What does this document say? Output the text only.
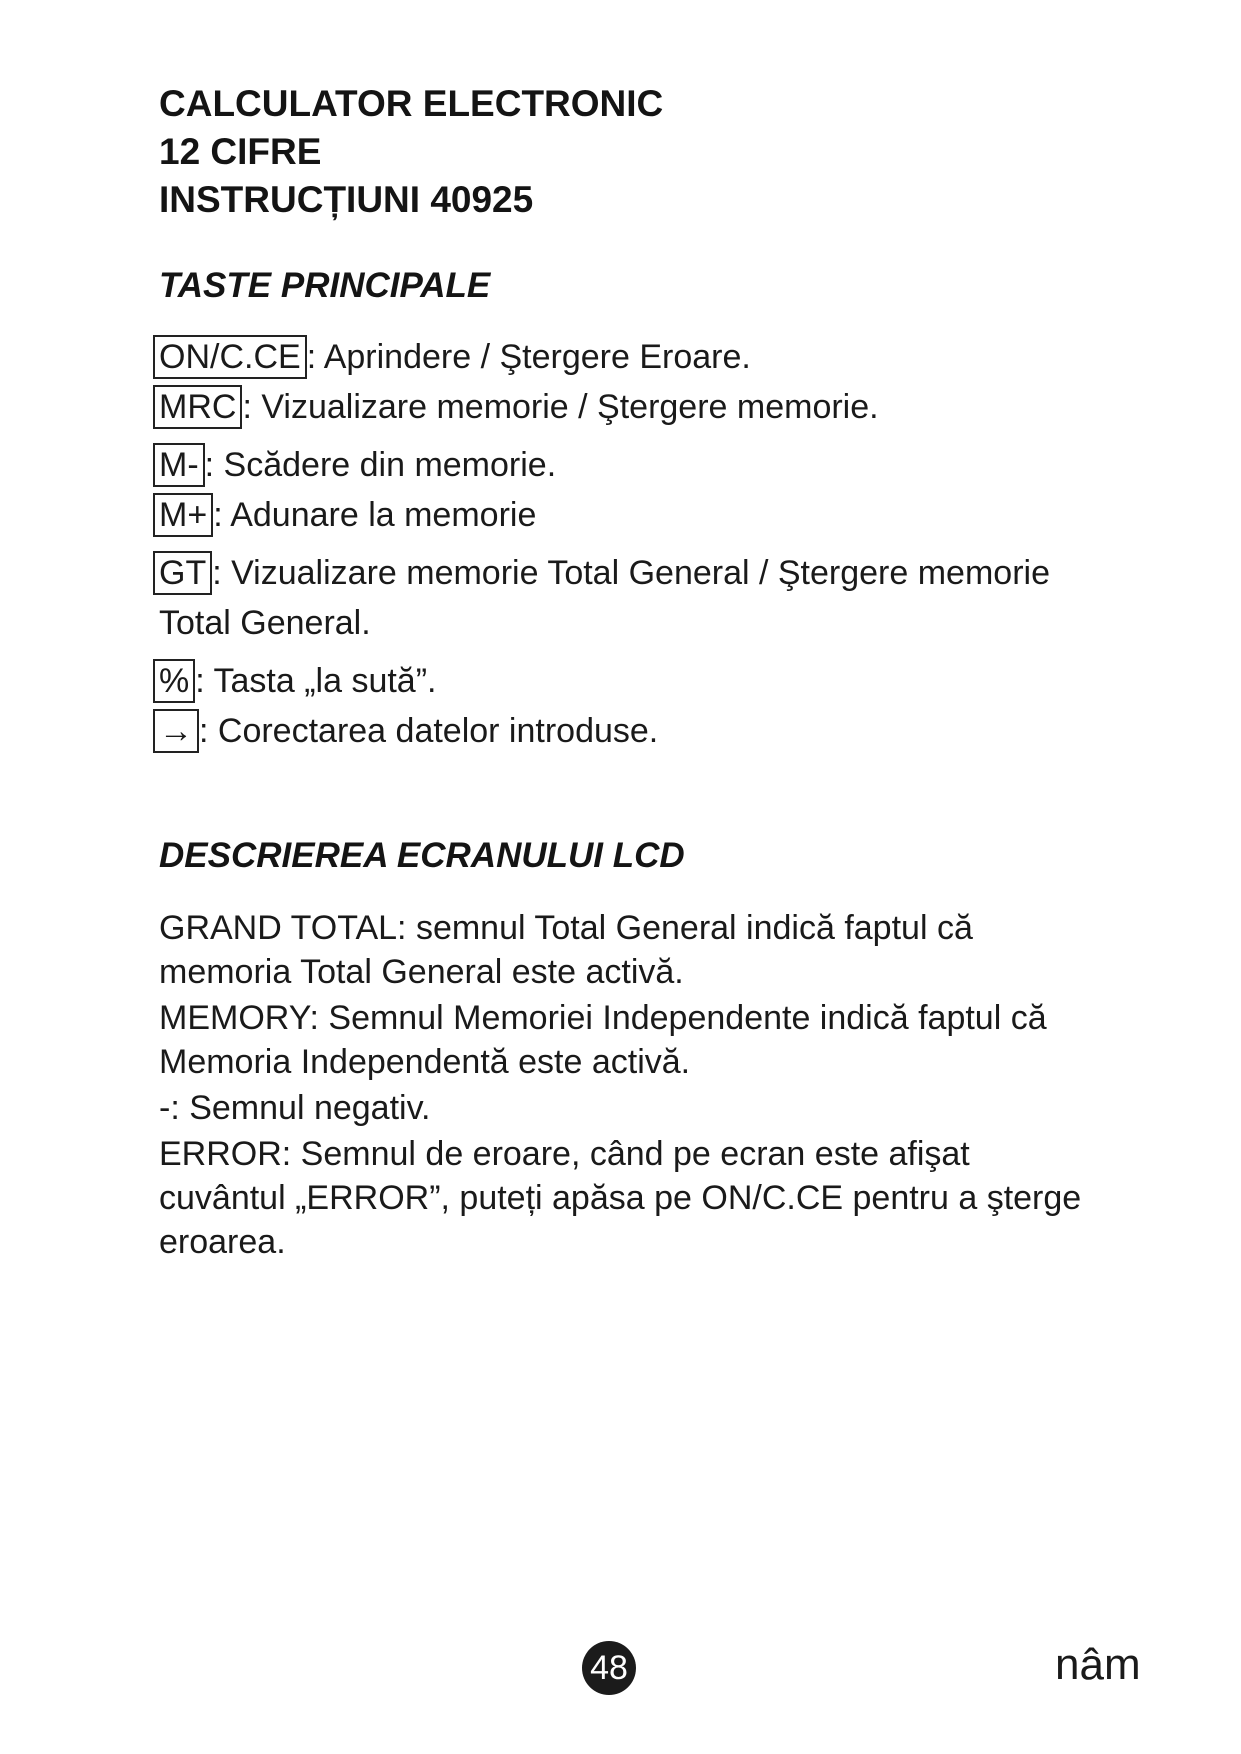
CALCULATOR ELECTRONIC
12 CIFRE
INSTRUCȚIUNI 40925
TASTE PRINCIPALE

ON/C.CE : Aprindere / Ştergere Eroare.

MRC : Vizualizare memorie / Ştergere memorie.

M- : Scădere din memorie.

M+ : Adunare la memorie

GT : Vizualizare memorie Total General / Ştergere memorie Total General.

% : Tasta „la sută”.

→ : Corectarea datelor introduse.

DESCRIEREA ECRANULUI LCD

GRAND TOTAL: semnul Total General indică faptul că memoria Total General este activă.

MEMORY: Semnul Memoriei Independente indică faptul că Memoria Independentă este activă.

-: Semnul negativ.

ERROR: Semnul de eroare, când pe ecran este afişat cuvântul „ERROR”, puteți apăsa pe ON/C.CE pentru a şterge eroarea.

48	nâm
